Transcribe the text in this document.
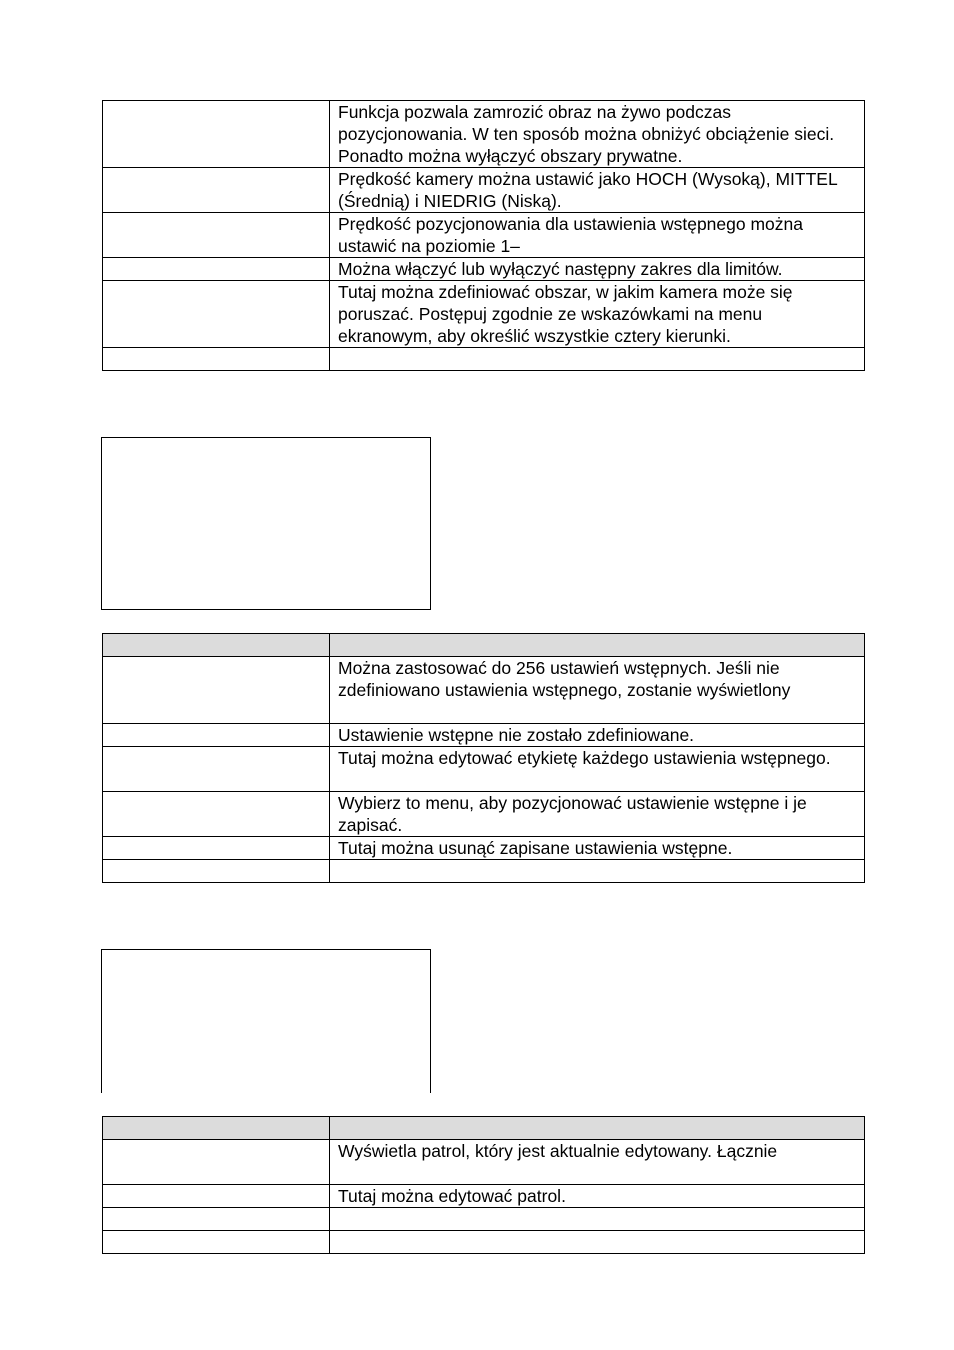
	Funkcja pozwala zamrozić obraz na żywo podczas pozycjonowania. W ten sposób można obniżyć obciążenie sieci. Ponadto można wyłączyć obszary prywatne.
	Prędkość kamery można ustawić jako HOCH (Wysoką), MITTEL (Średnią) i NIEDRIG (Niską).
	Prędkość pozycjonowania dla ustawienia wstępnego można ustawić na poziomie 1–
	Można włączyć lub wyłączyć następny zakres dla limitów.
	Tutaj można zdefiniować obszar, w jakim kamera może się poruszać. Postępuj zgodnie ze wskazówkami na menu ekranowym, aby określić wszystkie cztery kierunki.

	Można zastosować do 256 ustawień wstępnych. Jeśli nie zdefiniowano ustawienia wstępnego, zostanie wyświetlony
	Ustawienie wstępne nie zostało zdefiniowane.
	Tutaj można edytować etykietę każdego ustawienia wstępnego.
	Wybierz to menu, aby pozycjonować ustawienie wstępne i je zapisać.
	Tutaj można usunąć zapisane ustawienia wstępne.

	Wyświetla patrol, który jest aktualnie edytowany. Łącznie
	Tutaj można edytować patrol.
